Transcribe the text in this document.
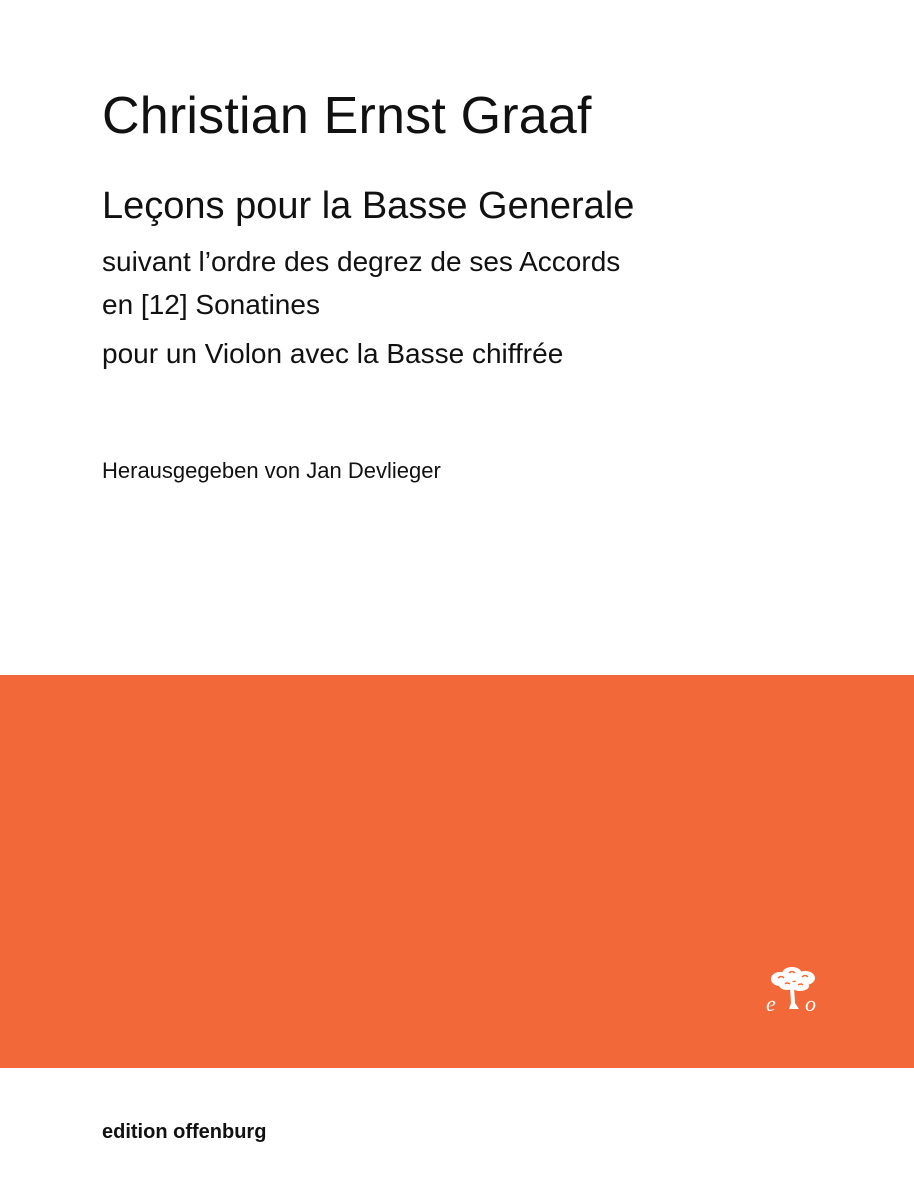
Christian Ernst Graaf
Leçons pour la Basse Generale
suivant l’ordre des degrez de ses Accords
en [12] Sonatines
pour un Violon avec la Basse chiffrée
Herausgegeben von Jan Devlieger
e o
edition offenburg
